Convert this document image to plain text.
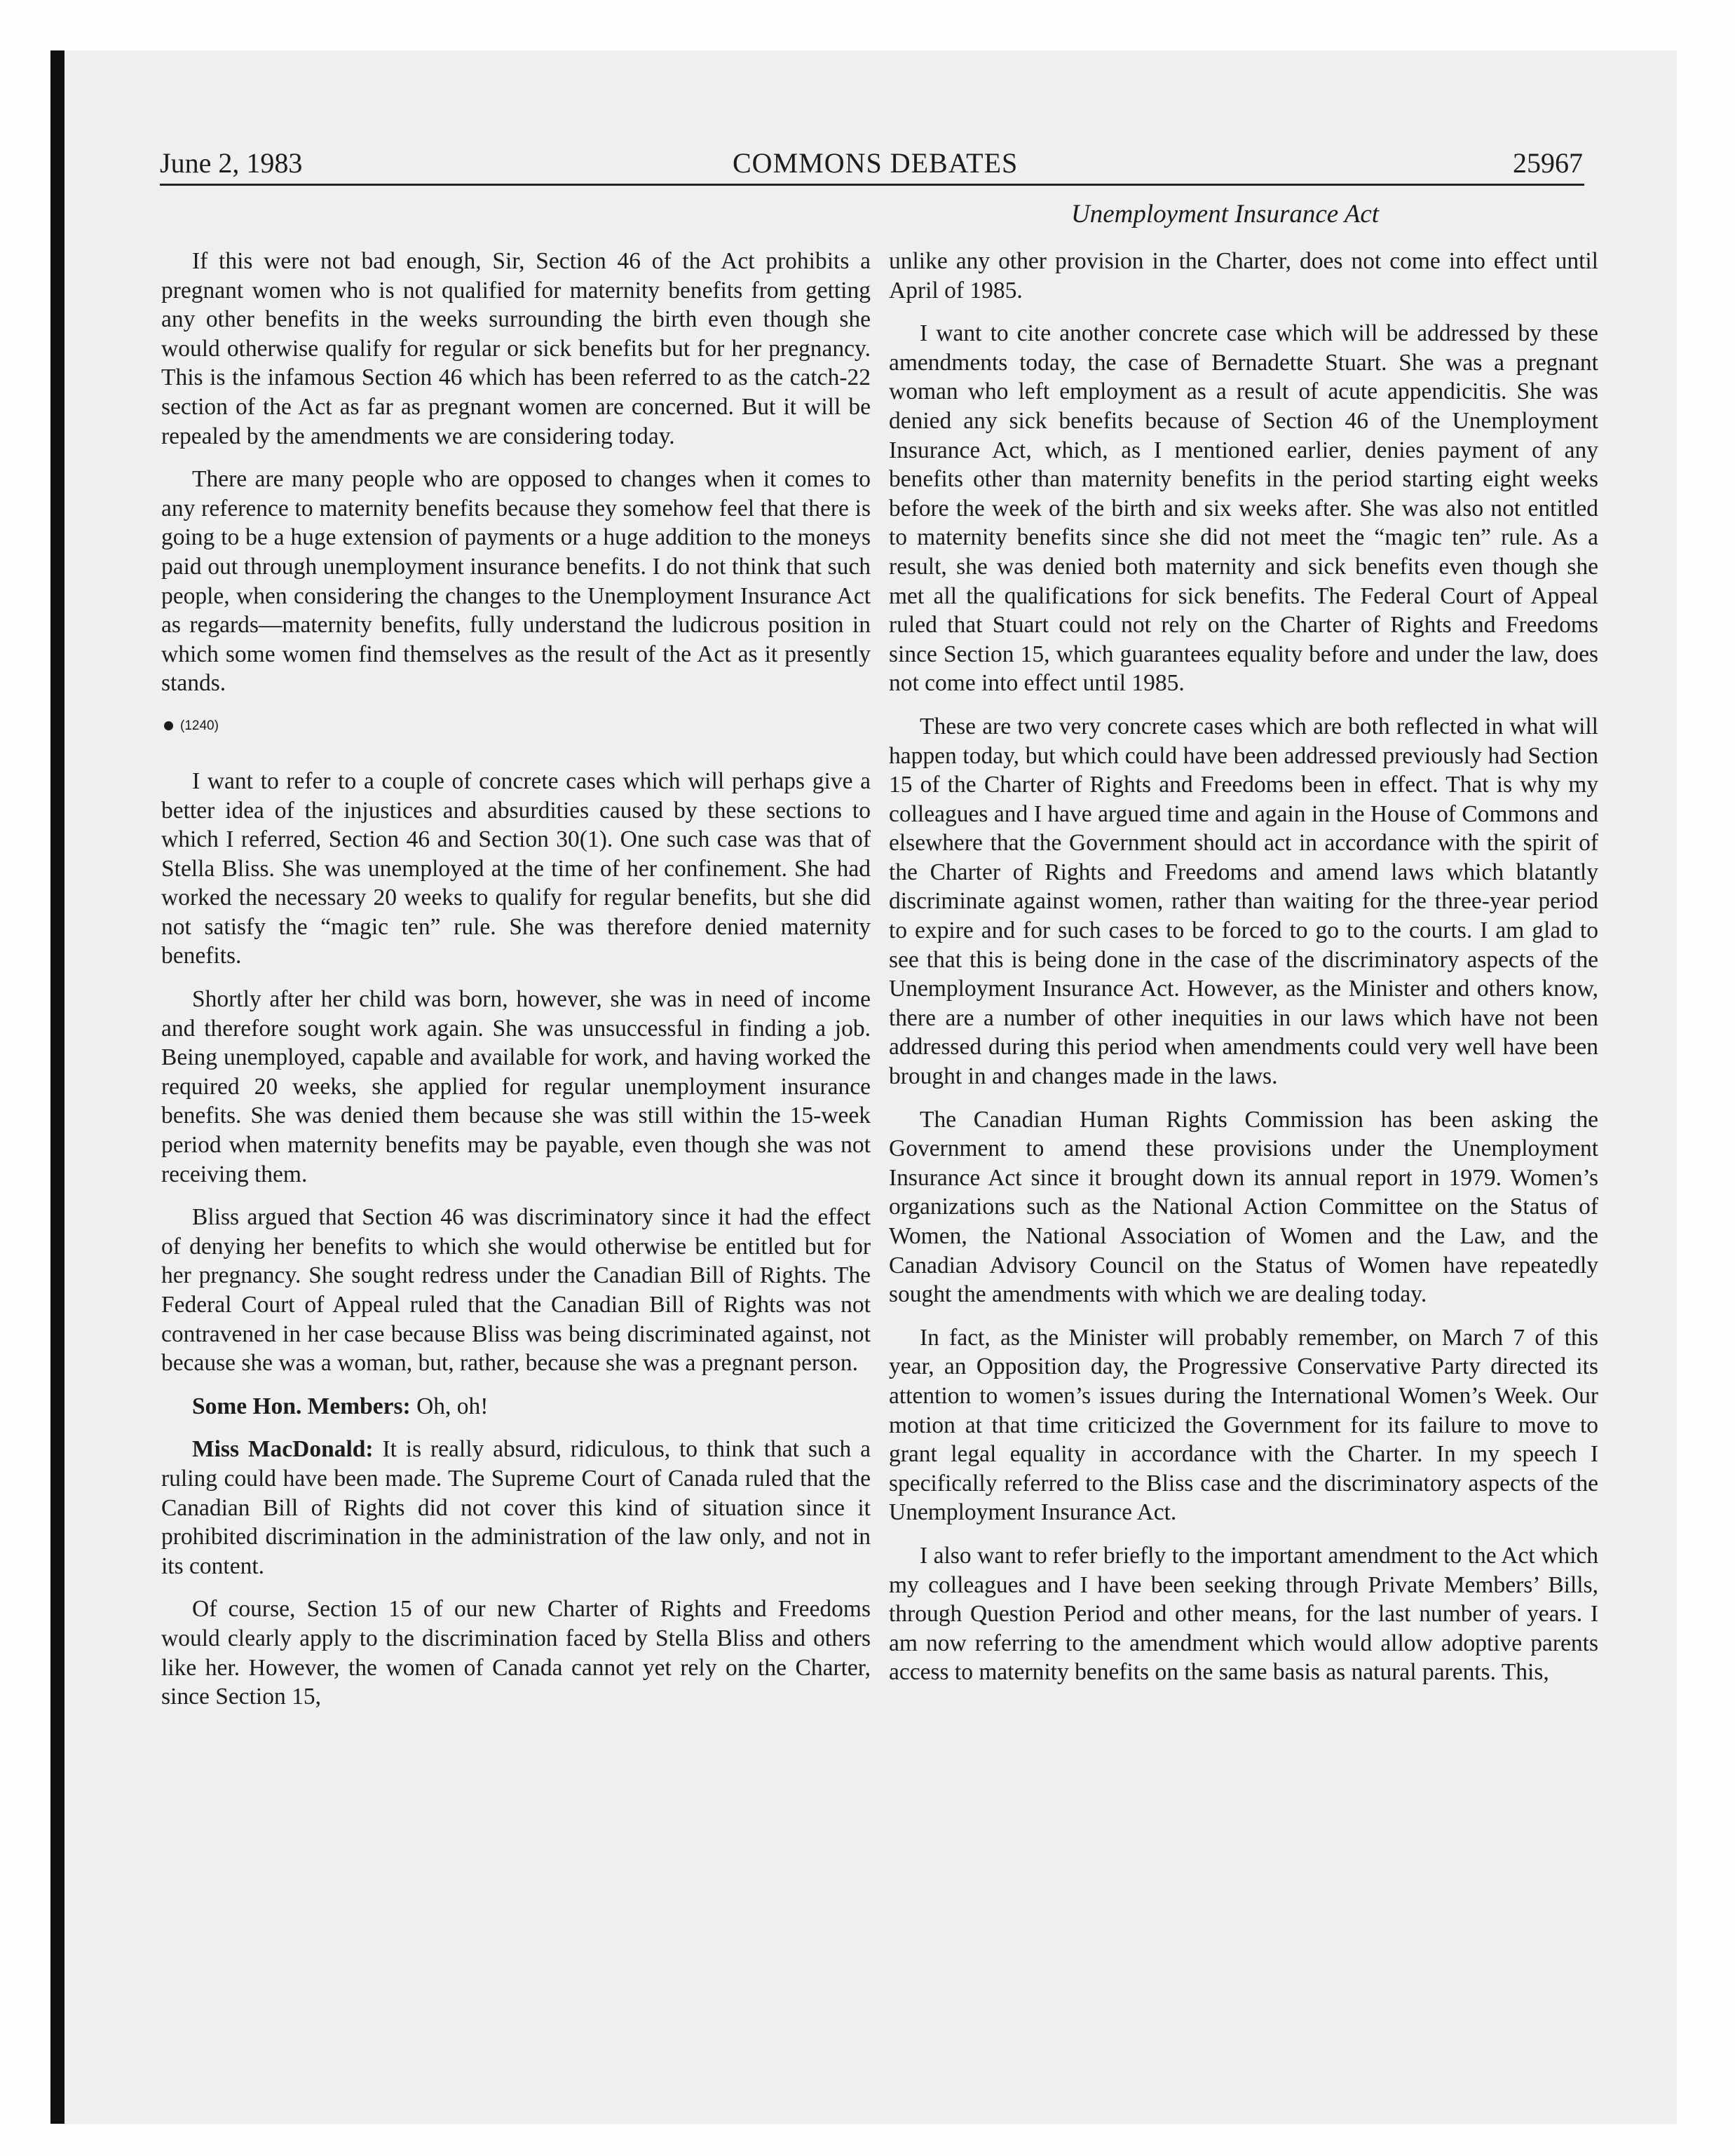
June 2, 1983	COMMONS DEBATES	25967
Unemployment Insurance Act

If this were not bad enough, Sir, Section 46 of the Act prohibits a pregnant women who is not qualified for maternity benefits from getting any other benefits in the weeks surrounding the birth even though she would otherwise qualify for regular or sick benefits but for her pregnancy. This is the infamous Section 46 which has been referred to as the catch-22 section of the Act as far as pregnant women are concerned. But it will be repealed by the amendments we are considering today.

There are many people who are opposed to changes when it comes to any reference to maternity benefits because they somehow feel that there is going to be a huge extension of payments or a huge addition to the moneys paid out through unemployment insurance benefits. I do not think that such people, when considering the changes to the Unemployment Insurance Act as regards—maternity benefits, fully understand the ludicrous position in which some women find themselves as the result of the Act as it presently stands.

(1240)

I want to refer to a couple of concrete cases which will perhaps give a better idea of the injustices and absurdities caused by these sections to which I referred, Section 46 and Section 30(1). One such case was that of Stella Bliss. She was unemployed at the time of her confinement. She had worked the necessary 20 weeks to qualify for regular benefits, but she did not satisfy the “magic ten” rule. She was therefore denied maternity benefits.

Shortly after her child was born, however, she was in need of income and therefore sought work again. She was unsuccessful in finding a job. Being unemployed, capable and available for work, and having worked the required 20 weeks, she applied for regular unemployment insurance benefits. She was denied them because she was still within the 15-week period when maternity benefits may be payable, even though she was not receiving them.

Bliss argued that Section 46 was discriminatory since it had the effect of denying her benefits to which she would otherwise be entitled but for her pregnancy. She sought redress under the Canadian Bill of Rights. The Federal Court of Appeal ruled that the Canadian Bill of Rights was not contravened in her case because Bliss was being discriminated against, not because she was a woman, but, rather, because she was a pregnant person.

Some Hon. Members: Oh, oh!

Miss MacDonald: It is really absurd, ridiculous, to think that such a ruling could have been made. The Supreme Court of Canada ruled that the Canadian Bill of Rights did not cover this kind of situation since it prohibited discrimination in the administration of the law only, and not in its content.

Of course, Section 15 of our new Charter of Rights and Freedoms would clearly apply to the discrimination faced by Stella Bliss and others like her. However, the women of Canada cannot yet rely on the Charter, since Section 15,

unlike any other provision in the Charter, does not come into effect until April of 1985.

I want to cite another concrete case which will be addressed by these amendments today, the case of Bernadette Stuart. She was a pregnant woman who left employment as a result of acute appendicitis. She was denied any sick benefits because of Section 46 of the Unemployment Insurance Act, which, as I mentioned earlier, denies payment of any benefits other than maternity benefits in the period starting eight weeks before the week of the birth and six weeks after. She was also not entitled to maternity benefits since she did not meet the “magic ten” rule. As a result, she was denied both maternity and sick benefits even though she met all the qualifications for sick benefits. The Federal Court of Appeal ruled that Stuart could not rely on the Charter of Rights and Freedoms since Section 15, which guarantees equality before and under the law, does not come into effect until 1985.

These are two very concrete cases which are both reflected in what will happen today, but which could have been addressed previously had Section 15 of the Charter of Rights and Freedoms been in effect. That is why my colleagues and I have argued time and again in the House of Commons and elsewhere that the Government should act in accordance with the spirit of the Charter of Rights and Freedoms and amend laws which blatantly discriminate against women, rather than waiting for the three-year period to expire and for such cases to be forced to go to the courts. I am glad to see that this is being done in the case of the discriminatory aspects of the Unemployment Insurance Act. However, as the Minister and others know, there are a number of other inequities in our laws which have not been addressed during this period when amendments could very well have been brought in and changes made in the laws.

The Canadian Human Rights Commission has been asking the Government to amend these provisions under the Unemployment Insurance Act since it brought down its annual report in 1979. Women’s organizations such as the National Action Committee on the Status of Women, the National Association of Women and the Law, and the Canadian Advisory Council on the Status of Women have repeatedly sought the amendments with which we are dealing today.

In fact, as the Minister will probably remember, on March 7 of this year, an Opposition day, the Progressive Conservative Party directed its attention to women’s issues during the International Women’s Week. Our motion at that time criticized the Government for its failure to move to grant legal equality in accordance with the Charter. In my speech I specifically referred to the Bliss case and the discriminatory aspects of the Unemployment Insurance Act.

I also want to refer briefly to the important amendment to the Act which my colleagues and I have been seeking through Private Members’ Bills, through Question Period and other means, for the last number of years. I am now referring to the amendment which would allow adoptive parents access to maternity benefits on the same basis as natural parents. This,
